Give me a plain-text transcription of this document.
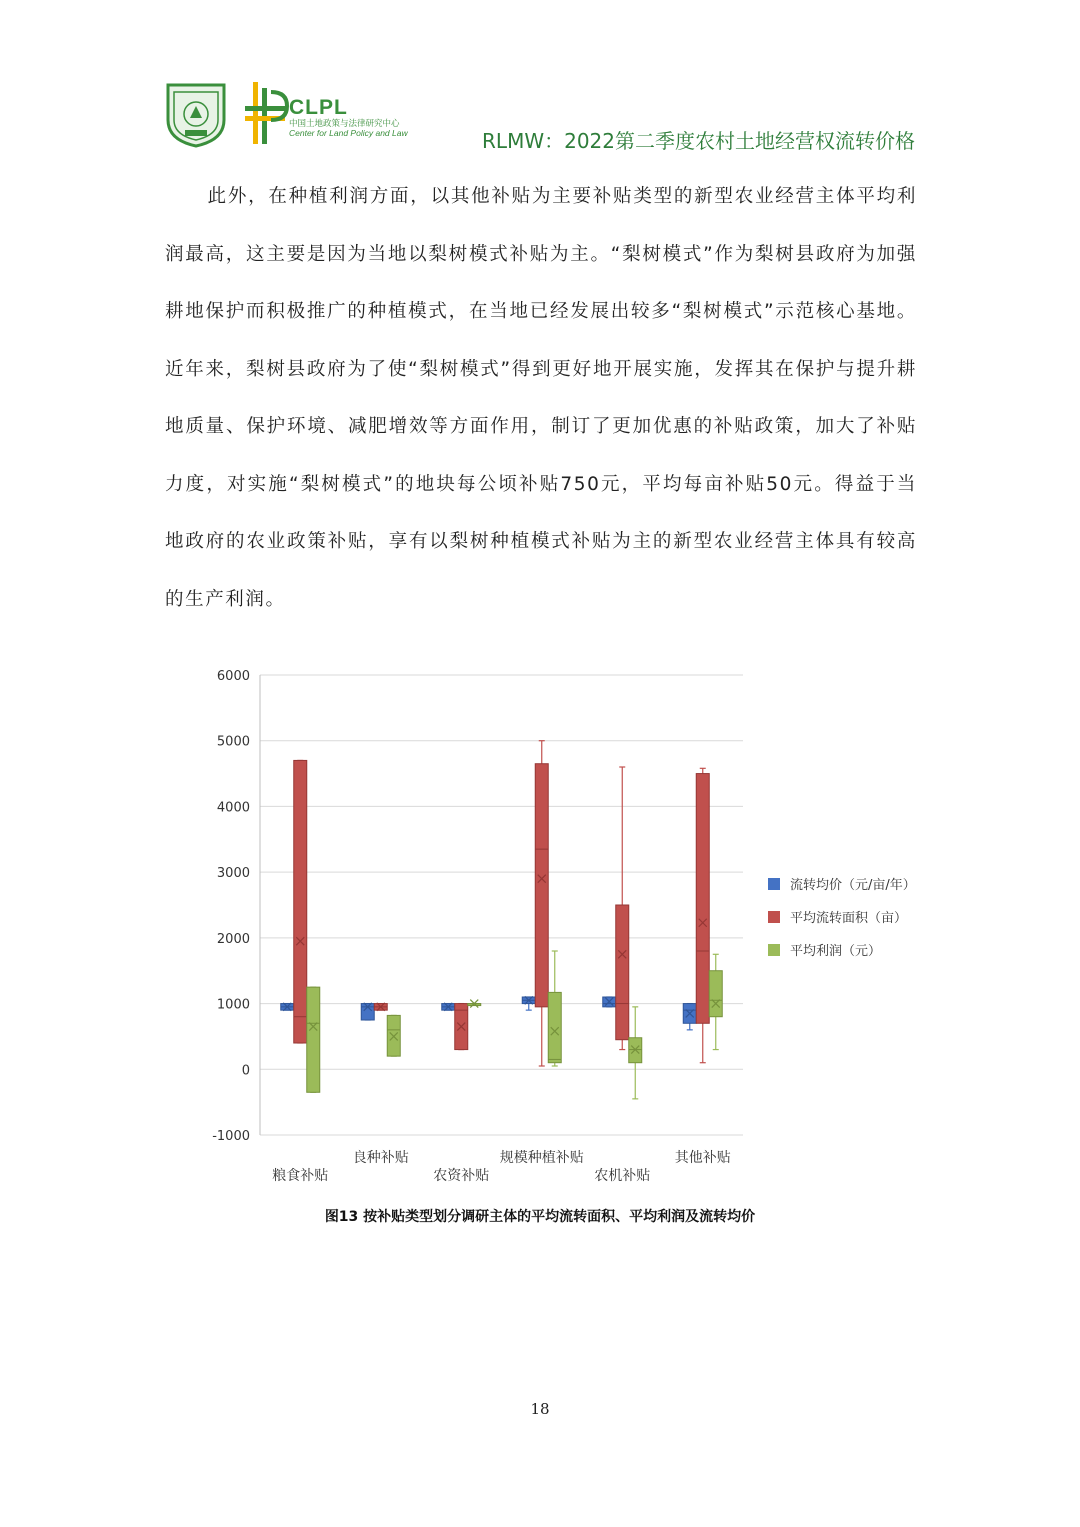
CLPL
中国土地政策与法律研究中心
Center for Land Policy and Law	RLMW：2022第二季度农村土地经营权流转价格

此外，在种植利润方面，以其他补贴为主要补贴类型的新型农业经营主体平均利润最高，这主要是因为当地以梨树模式补贴为主。“梨树模式”作为梨树县政府为加强耕地保护而积极推广的种植模式，在当地已经发展出较多“梨树模式”示范核心基地。近年来，梨树县政府为了使“梨树模式”得到更好地开展实施，发挥其在保护与提升耕地质量、保护环境、减肥增效等方面作用，制订了更加优惠的补贴政策，加大了补贴力度，对实施“梨树模式”的地块每公顷补贴750元，平均每亩补贴50元。得益于当地政府的农业政策补贴，享有以梨树种植模式补贴为主的新型农业经营主体具有较高的生产利润。

-1000
0
1000
2000
3000
4000
5000
6000
粮食补贴
良种补贴
农资补贴
规模种植补贴
农机补贴
其他补贴
流转均价（元/亩/年）
平均流转面积（亩）
平均利润（元）
图13 按补贴类型划分调研主体的平均流转面积、平均利润及流转均价
18
